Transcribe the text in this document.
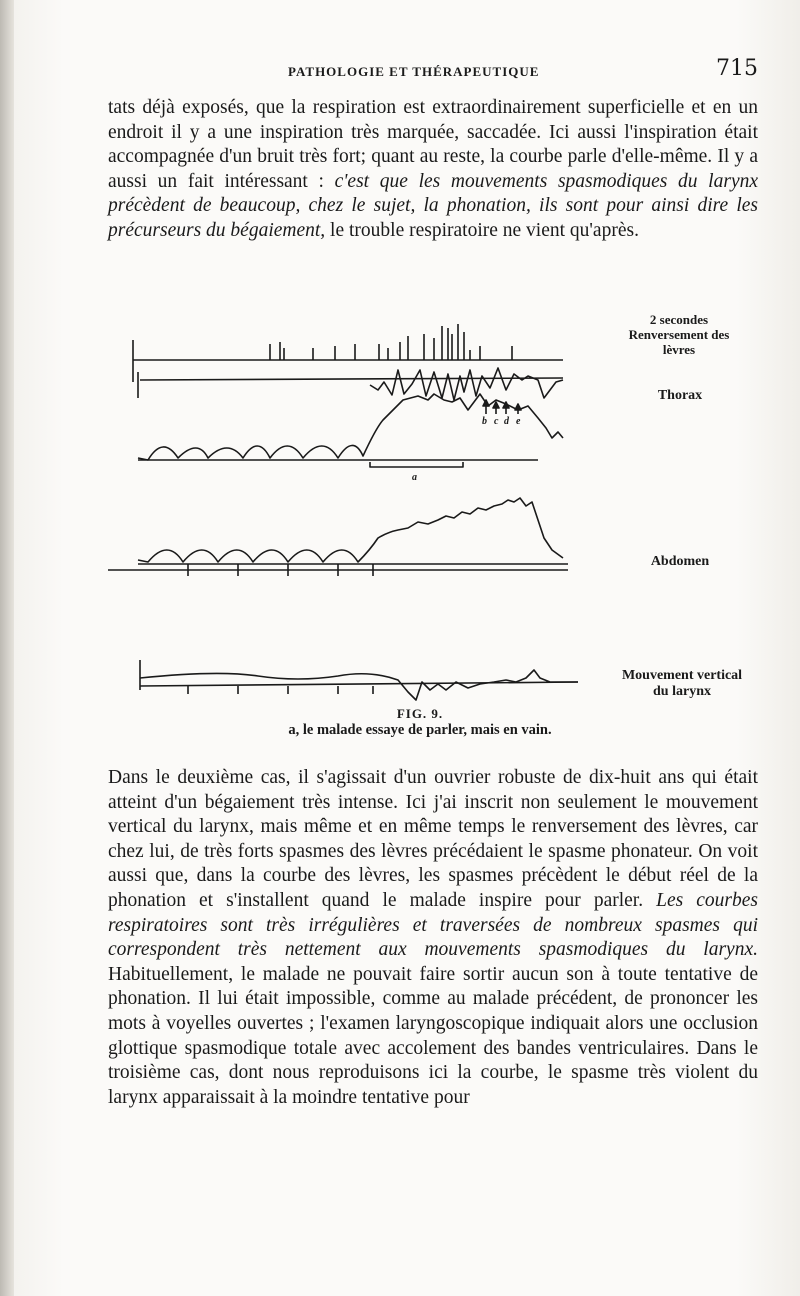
PATHOLOGIE ET THÉRAPEUTIQUE	715

tats déjà exposés, que la respiration est extraordinairement superficielle et en un endroit il y a une inspiration très marquée, saccadée. Ici aussi l'inspiration était accompagnée d'un bruit très fort; quant au reste, la courbe parle d'elle-même. Il y a aussi un fait intéressant : c'est que les mouvements spasmodiques du larynx précèdent de beaucoup, chez le sujet, la phonation, ils sont pour ainsi dire les précurseurs du bégaiement, le trouble respiratoire ne vient qu'après.

b c d e
a
2 secondes
Renversement des
lèvres
Thorax
Abdomen
Mouvement vertical
du larynx
FIG. 9.
a, le malade essaye de parler, mais en vain.

Dans le deuxième cas, il s'agissait d'un ouvrier robuste de dix-huit ans qui était atteint d'un bégaiement très intense. Ici j'ai inscrit non seulement le mouvement vertical du larynx, mais même et en même temps le renversement des lèvres, car chez lui, de très forts spasmes des lèvres précédaient le spasme phonateur. On voit aussi que, dans la courbe des lèvres, les spasmes précèdent le début réel de la phonation et s'installent quand le malade inspire pour parler. Les courbes respiratoires sont très irrégulières et traversées de nombreux spasmes qui correspondent très nettement aux mouvements spasmodiques du larynx. Habituellement, le malade ne pouvait faire sortir aucun son à toute tentative de phonation. Il lui était impossible, comme au malade précédent, de prononcer les mots à voyelles ouvertes ; l'examen laryngoscopique indiquait alors une occlusion glottique spasmodique totale avec accolement des bandes ventriculaires. Dans le troisième cas, dont nous reproduisons ici la courbe, le spasme très violent du larynx apparaissait à la moindre tentative pour
